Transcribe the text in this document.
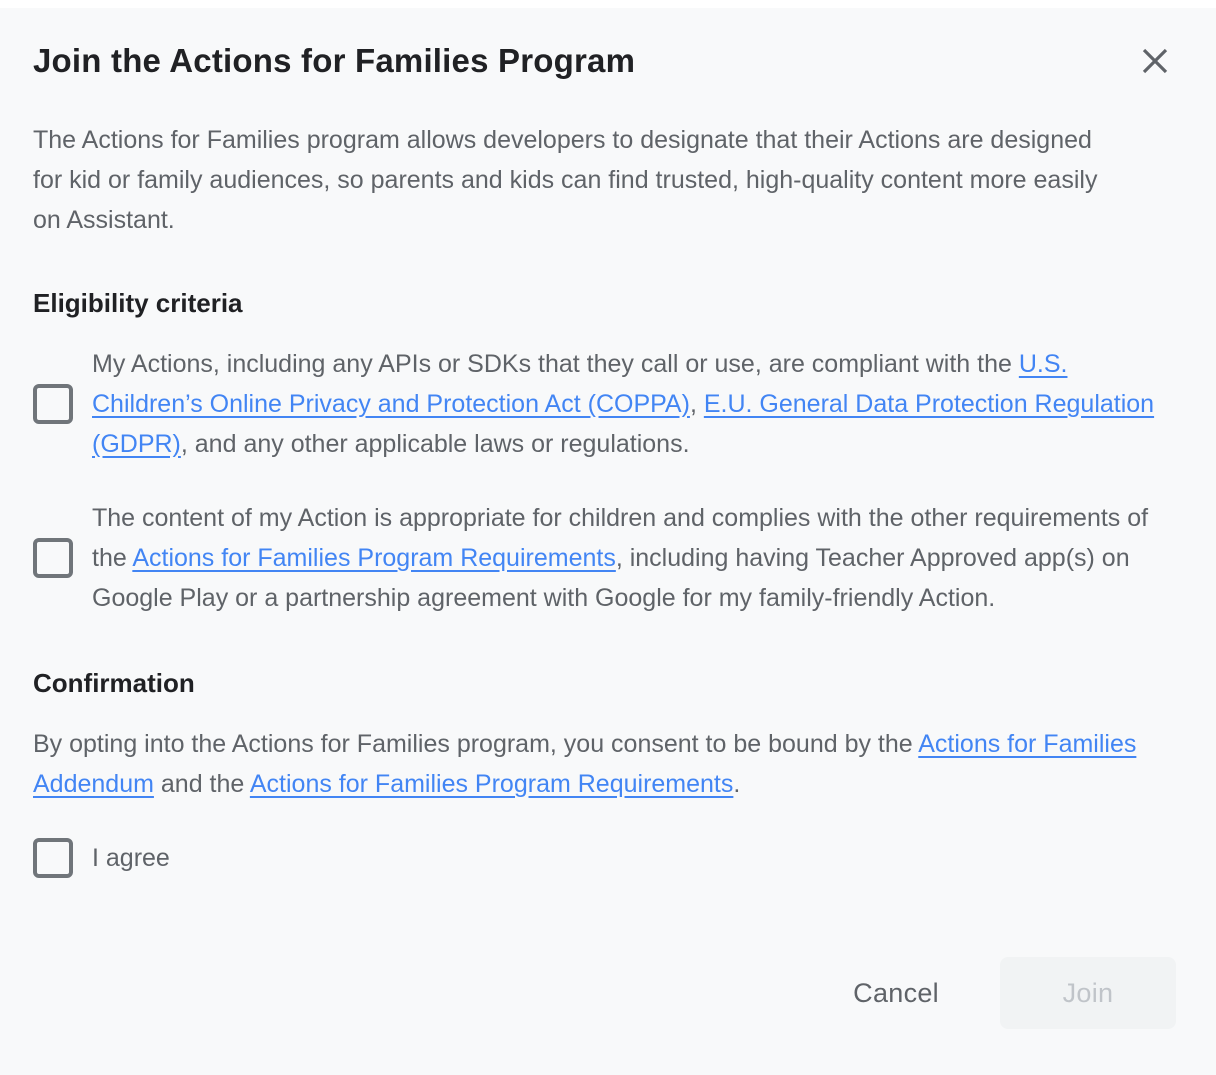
Join the Actions for Families Program

The Actions for Families program allows developers to designate that their Actions are designed for kid or family audiences, so parents and kids can find trusted, high-quality content more easily on Assistant.

Eligibility criteria

My Actions, including any APIs or SDKs that they call or use, are compliant with the U.S. Children’s Online Privacy and Protection Act (COPPA), E.U. General Data Protection Regulation (GDPR), and any other applicable laws or regulations.

The content of my Action is appropriate for children and complies with the other requirements of the Actions for Families Program Requirements, including having Teacher Approved app(s) on Google Play or a partnership agreement with Google for my family-friendly Action.

Confirmation

By opting into the Actions for Families program, you consent to be bound by the Actions for Families Addendum and the Actions for Families Program Requirements.

I agree
Cancel	Join
